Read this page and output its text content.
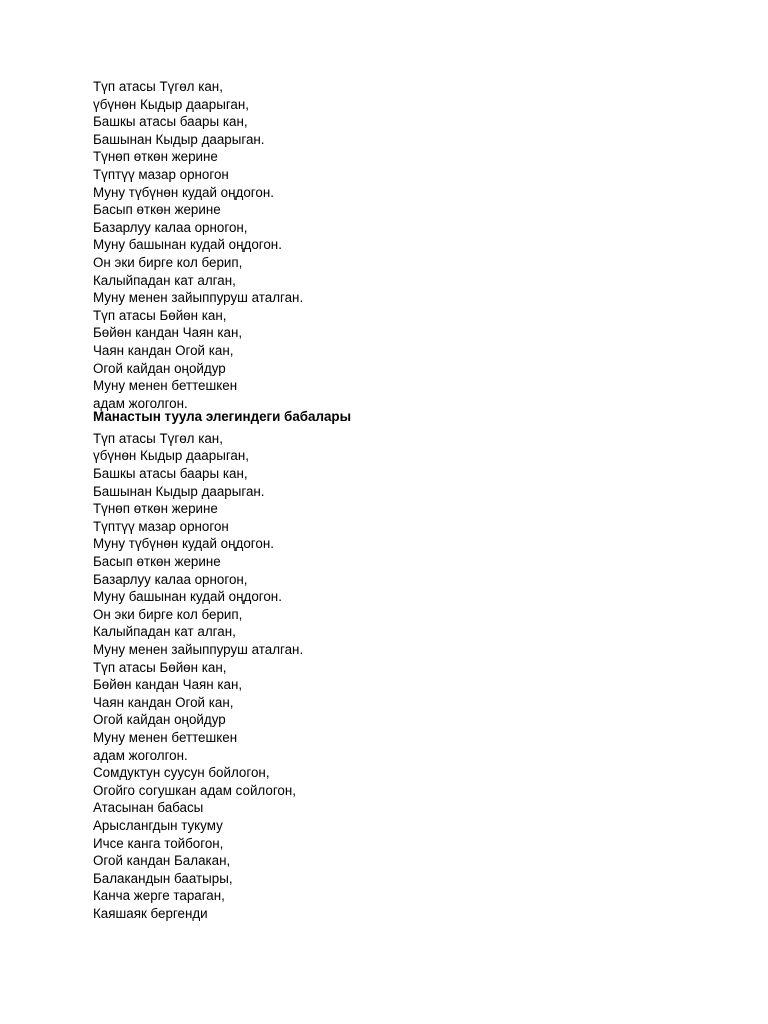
Түп атасы Түгөл кан,
үбүнөн Кыдыр даарыган,
Башкы атасы баары кан,
Башынан Кыдыр даарыган.
Түнөп өткөн жерине
Түптүү мазар орногон
Муну түбүнөн кудай оңдогон.
Басып өткөн жерине
Базарлуу калаа орногон,
Муну башынан кудай оңдогон.
Он эки бирге кол берип,
Калыйпадан кат алган,
Муну менен зайыппуруш аталган.
Түп атасы Бөйөн кан,
Бөйөн кандан Чаян кан,
Чаян кандан Огой кан,
Огой кайдан оңойдур
Муну менен беттешкен
адам жоголгон.
Манастын туула элегиндеги бабалары
Түп атасы Түгөл кан,
үбүнөн Кыдыр даарыган,
Башкы атасы баары кан,
Башынан Кыдыр даарыган.
Түнөп өткөн жерине
Түптүү мазар орногон
Муну түбүнөн кудай оңдогон.
Басып өткөн жерине
Базарлуу калаа орногон,
Муну башынан кудай оңдогон.
Он эки бирге кол берип,
Калыйпадан кат алган,
Муну менен зайыппуруш аталган.
Түп атасы Бөйөн кан,
Бөйөн кандан Чаян кан,
Чаян кандан Огой кан,
Огой кайдан оңойдур
Муну менен беттешкен
адам жоголгон.
Сомдуктун суусун бойлогон,
Огойго согушкан адам сойлогон,
Атасынан бабасы
Арыслангдын тукуму
Ичсе канга тойбогон,
Огой кандан Балакан,
Балакандын баатыры,
Канча жерге тараган,
Каяшаяк бергенди
